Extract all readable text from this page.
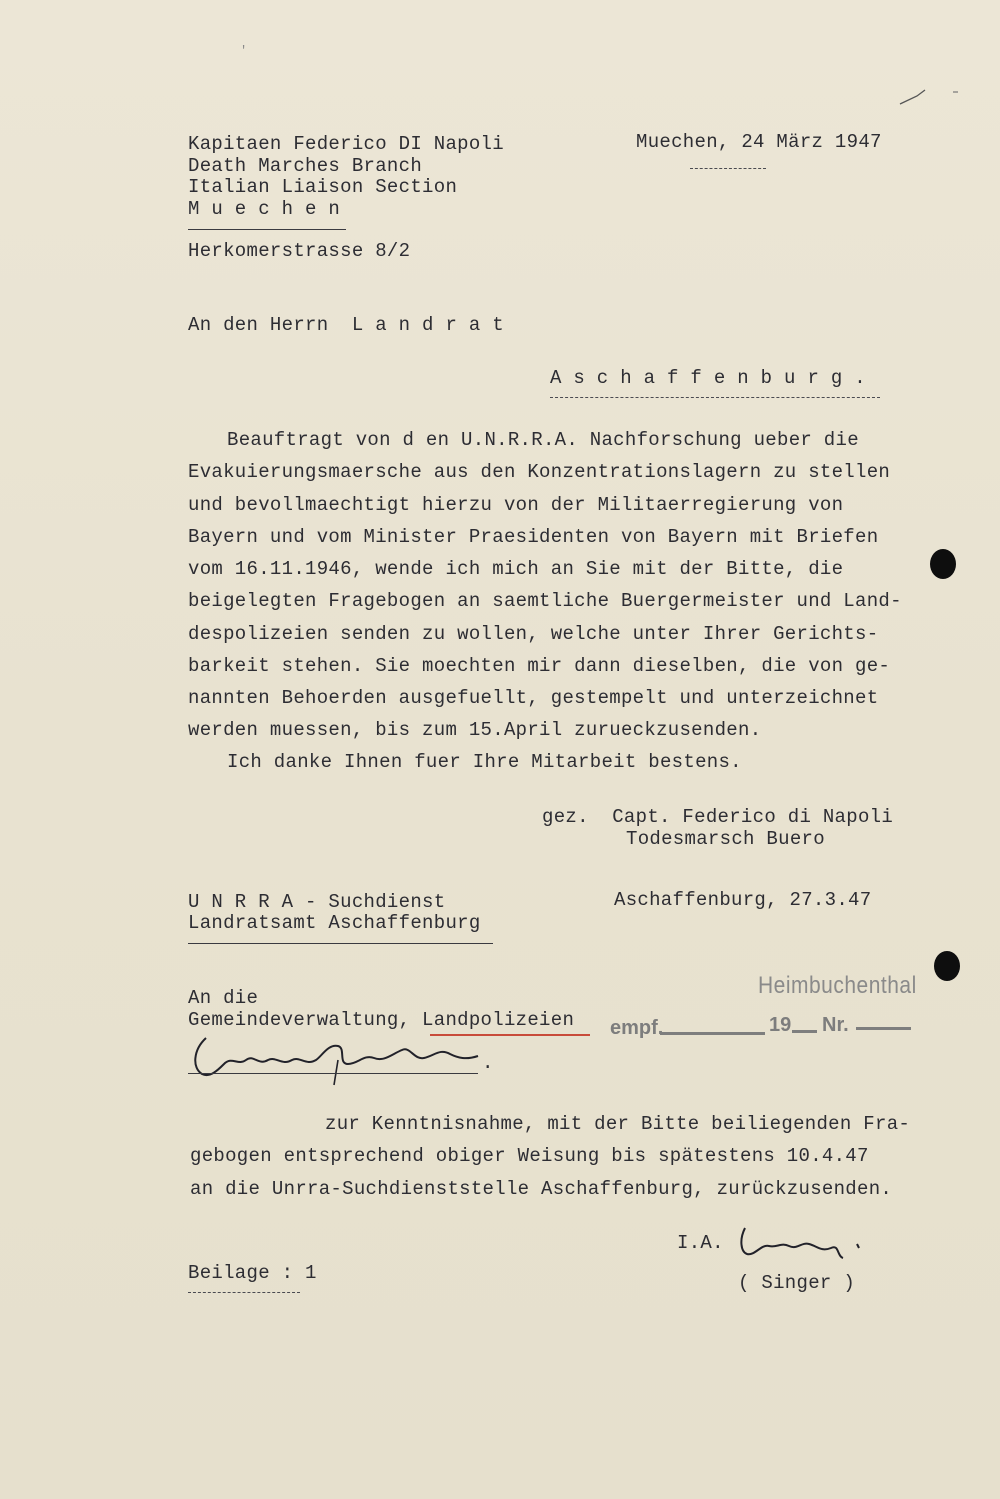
'
Kapitaen Federico DI Napoli
Death Marches Branch
Italian Liaison Section
M u e c h e n
Herkomerstrasse 8/2
Muechen, 24 März 1947
An den Herrn  L a n d r a t
A s c h a f f e n b u r g .
Beauftragt von d en U.N.R.R.A. Nachforschung ueber die
Evakuierungsmaersche aus den Konzentrationslagern zu stellen
und bevollmaechtigt hierzu von der Militaerregierung von
Bayern und vom Minister Praesidenten von Bayern mit Briefen
vom 16.11.1946, wende ich mich an Sie mit der Bitte, die
beigelegten Fragebogen an saemtliche Buergermeister und Land-
despolizeien senden zu wollen, welche unter Ihrer Gerichts-
barkeit stehen. Sie moechten mir dann dieselben, die von ge-
nannten Behoerden ausgefuellt, gestempelt und unterzeichnet
werden muessen, bis zum 15.April zurueckzusenden.
Ich danke Ihnen fuer Ihre Mitarbeit bestens.
gez.  Capt. Federico di Napoli
Todesmarsch Buero
U N R R A - Suchdienst
Landratsamt Aschaffenburg
Aschaffenburg, 27.3.47
An die
Gemeindeverwaltung, Landpolizeien
.
Heimbuchenthal
empf.	19 Nr.
zur Kenntnisnahme, mit der Bitte beiliegenden Fra-
gebogen entsprechend obiger Weisung bis spätestens 10.4.47
an die Unrra-Suchdienststelle Aschaffenburg, zurückzusenden.
I.A.
( Singer )
Beilage : 1
